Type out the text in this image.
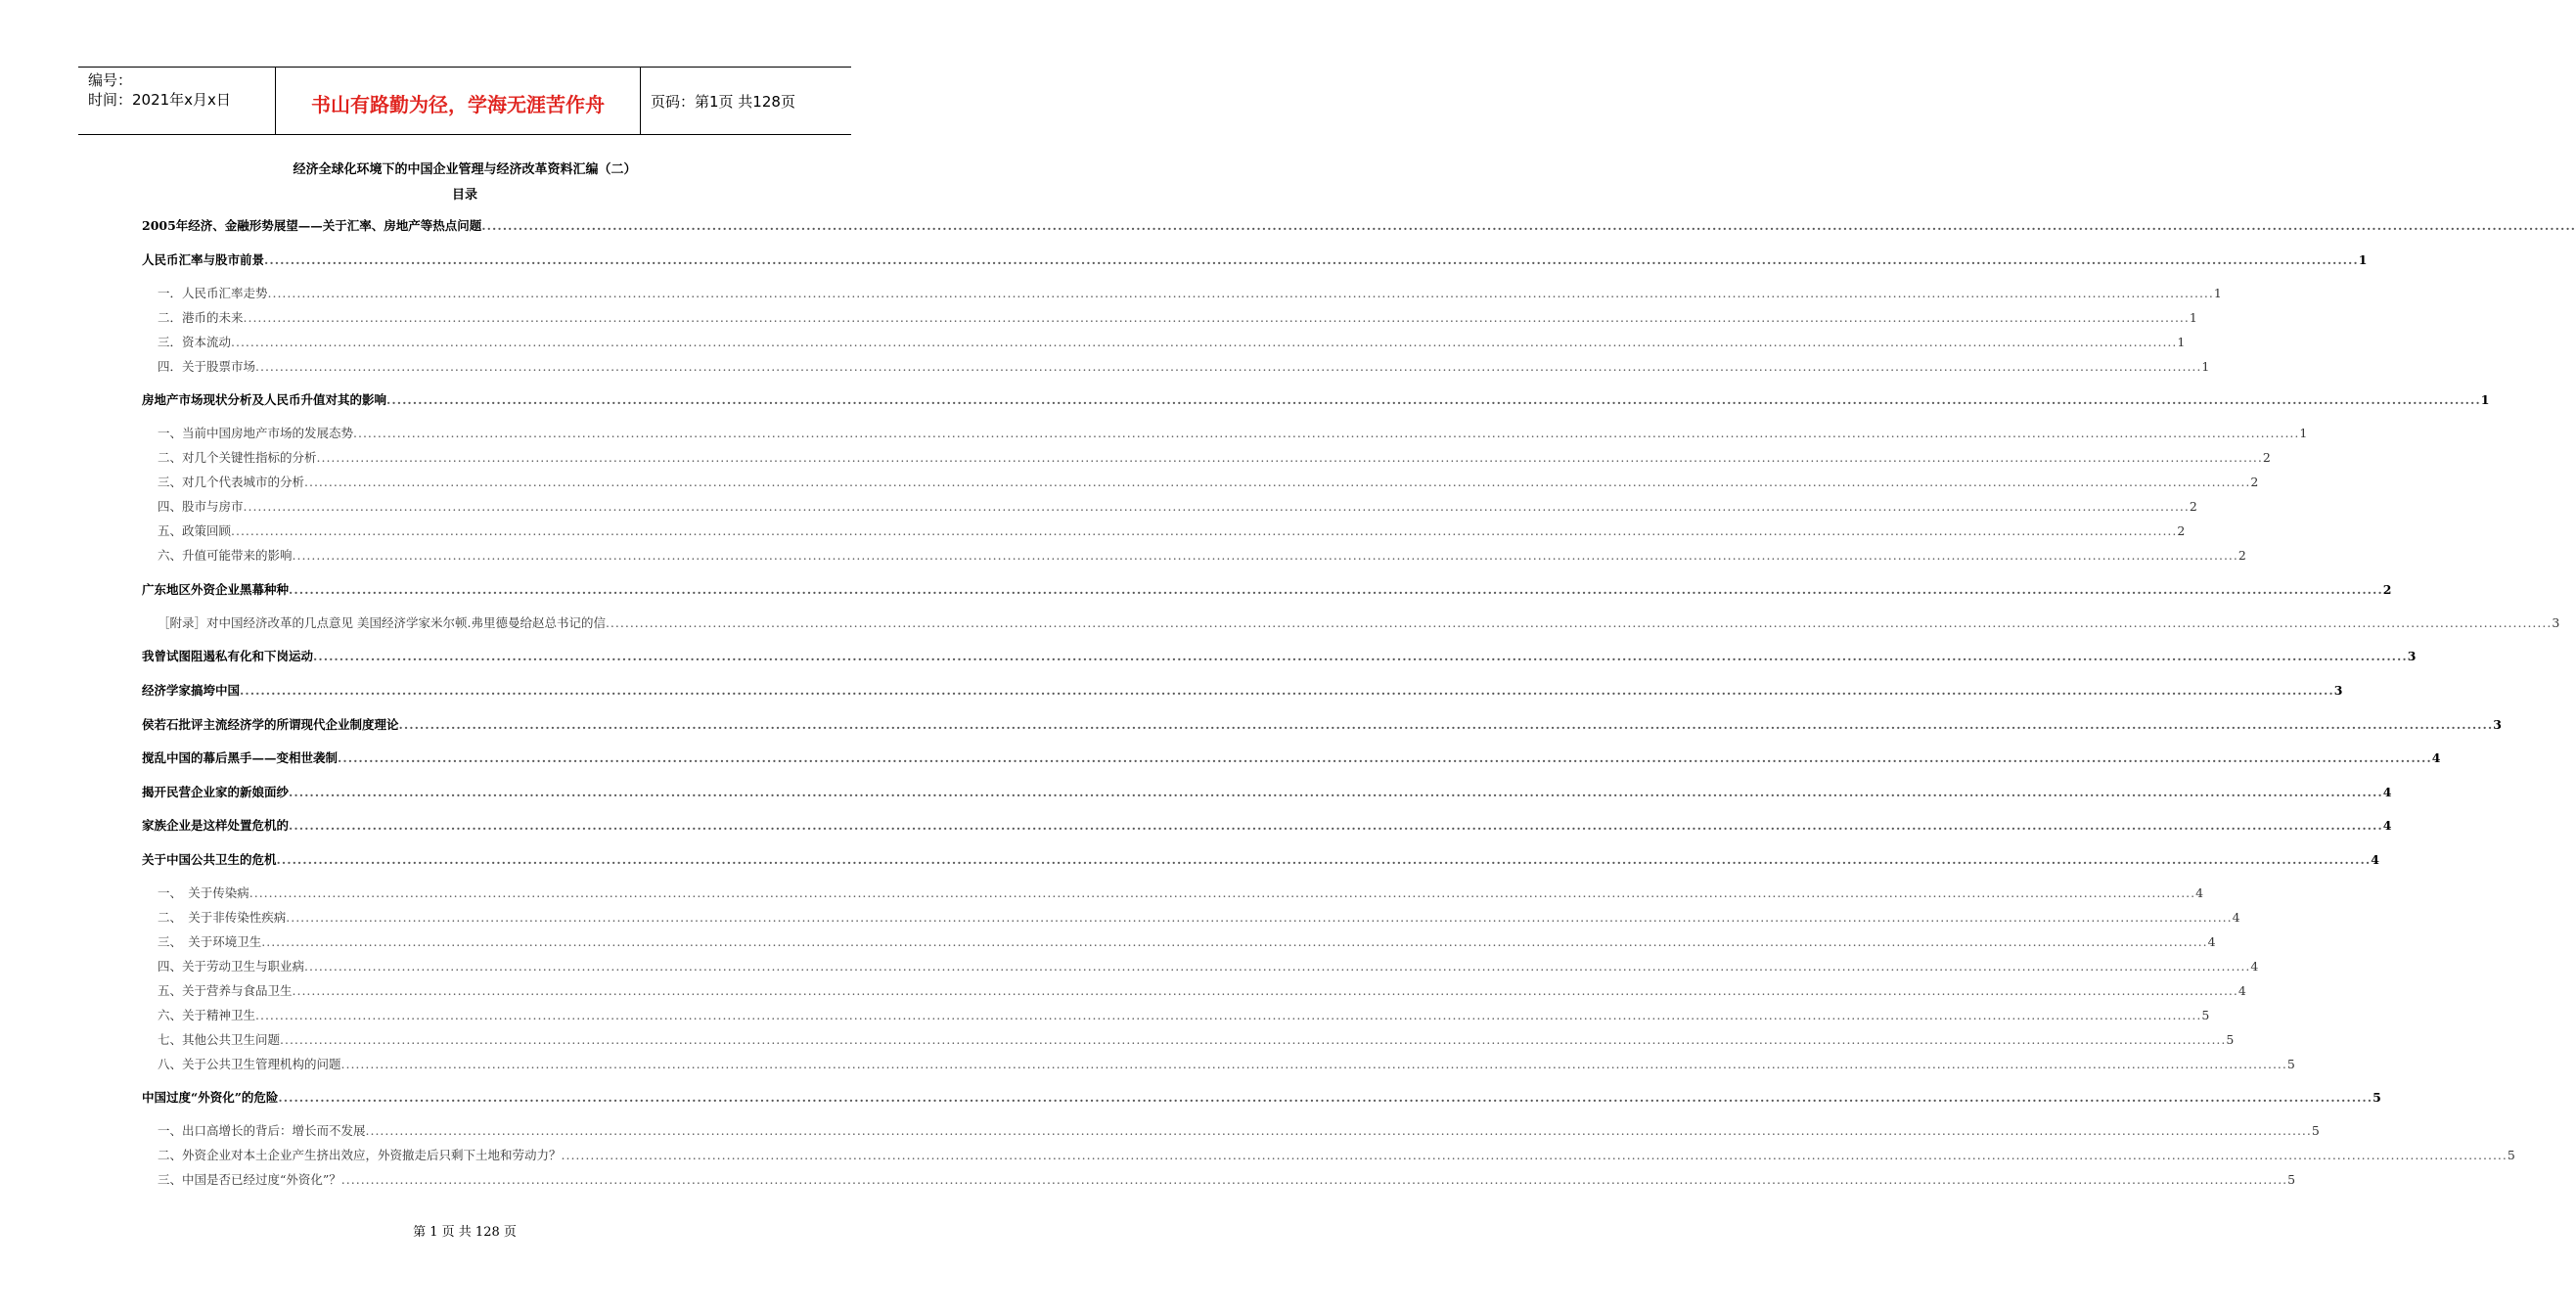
编号：
时间：2021年x月x日	书山有路勤为径，学海无涯苦作舟	页码：第1页 共128页
经济全球化环境下的中国企业管理与经济改革资料汇编（二）
目录
2005年经济、金融形势展望——关于汇率、房地产等热点问题 ................................................................................................................................................................................................................................................................................................................................................................................................................
人民币汇率与股市前景 ................................................................................................................................................................................................................................................................................................................................................................................................................ 1
一．人民币汇率走势 ................................................................................................................................................................................................................................................................................................................................................................................................................ 1
二．港币的未来 ................................................................................................................................................................................................................................................................................................................................................................................................................ 1
三．资本流动 ................................................................................................................................................................................................................................................................................................................................................................................................................ 1
四．关于股票市场 ................................................................................................................................................................................................................................................................................................................................................................................................................ 1
房地产市场现状分析及人民币升值对其的影响 ................................................................................................................................................................................................................................................................................................................................................................................................................ 1
一、当前中国房地产市场的发展态势 ................................................................................................................................................................................................................................................................................................................................................................................................................ 1
二、对几个关键性指标的分析 ................................................................................................................................................................................................................................................................................................................................................................................................................ 2
三、对几个代表城市的分析 ................................................................................................................................................................................................................................................................................................................................................................................................................ 2
四、股市与房市 ................................................................................................................................................................................................................................................................................................................................................................................................................ 2
五、政策回顾 ................................................................................................................................................................................................................................................................................................................................................................................................................ 2
六、升值可能带来的影响 ................................................................................................................................................................................................................................................................................................................................................................................................................ 2
广东地区外资企业黑幕种种 ................................................................................................................................................................................................................................................................................................................................................................................................................ 2
［附录］对中国经济改革的几点意见 美国经济学家米尔顿.弗里德曼给赵总书记的信 ................................................................................................................................................................................................................................................................................................................................................................................................................ 3
我曾试图阻遏私有化和下岗运动 ................................................................................................................................................................................................................................................................................................................................................................................................................ 3
经济学家搞垮中国 ................................................................................................................................................................................................................................................................................................................................................................................................................ 3
侯若石批评主流经济学的所谓现代企业制度理论 ................................................................................................................................................................................................................................................................................................................................................................................................................ 3
搅乱中国的幕后黑手——变相世袭制 ................................................................................................................................................................................................................................................................................................................................................................................................................ 4
揭开民营企业家的新娘面纱 ................................................................................................................................................................................................................................................................................................................................................................................................................ 4
家族企业是这样处置危机的 ................................................................................................................................................................................................................................................................................................................................................................................................................ 4
关于中国公共卫生的危机 ................................................................................................................................................................................................................................................................................................................................................................................................................ 4
一、　关于传染病 ................................................................................................................................................................................................................................................................................................................................................................................................................ 4
二、　关于非传染性疾病 ................................................................................................................................................................................................................................................................................................................................................................................................................ 4
三、　关于环境卫生 ................................................................................................................................................................................................................................................................................................................................................................................................................ 4
四、关于劳动卫生与职业病 ................................................................................................................................................................................................................................................................................................................................................................................................................ 4
五、关于营养与食品卫生 ................................................................................................................................................................................................................................................................................................................................................................................................................ 4
六、关于精神卫生 ................................................................................................................................................................................................................................................................................................................................................................................................................ 5
七、其他公共卫生问题 ................................................................................................................................................................................................................................................................................................................................................................................................................ 5
八、关于公共卫生管理机构的问题 ................................................................................................................................................................................................................................................................................................................................................................................................................ 5
中国过度“外资化”的危险 ................................................................................................................................................................................................................................................................................................................................................................................................................ 5
一、出口高增长的背后：增长而不发展 ................................................................................................................................................................................................................................................................................................................................................................................................................ 5
二、外资企业对本土企业产生挤出效应，外资撤走后只剩下土地和劳动力？ ................................................................................................................................................................................................................................................................................................................................................................................................................ 5
三、中国是否已经过度“外资化”？ ................................................................................................................................................................................................................................................................................................................................................................................................................ 5
第 1 页 共 128 页
